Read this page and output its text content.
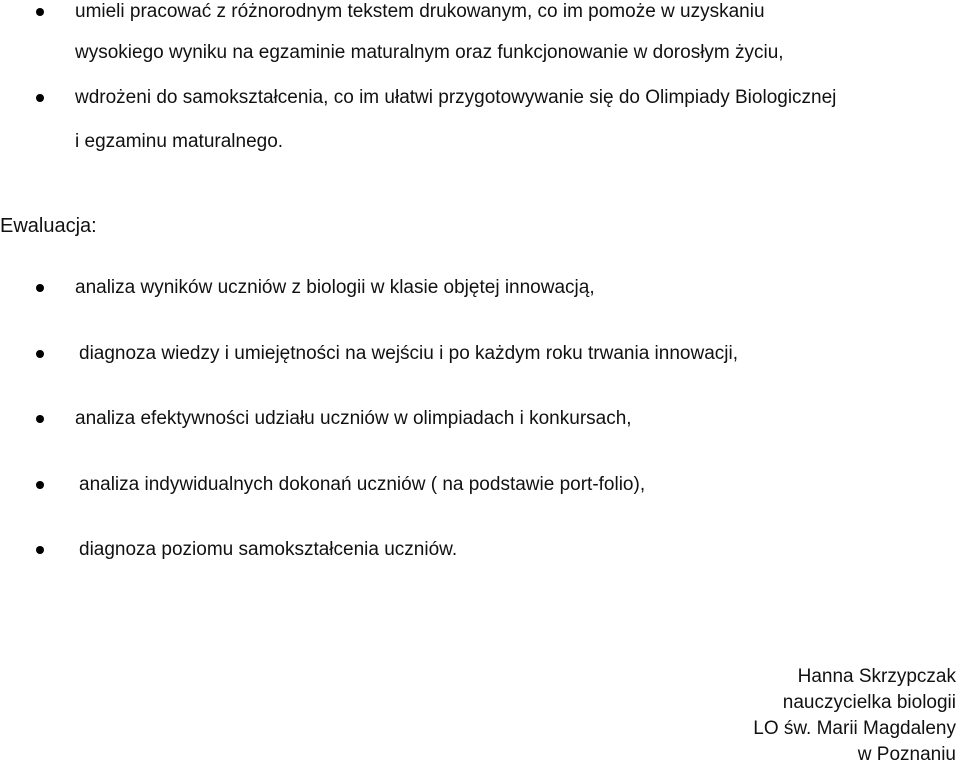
umieli pracować z różnorodnym tekstem drukowanym, co im pomoże w uzyskaniu
wysokiego wyniku na egzaminie maturalnym oraz funkcjonowanie w dorosłym życiu,
wdrożeni do samokształcenia, co im ułatwi przygotowywanie się do Olimpiady Biologicznej
i egzaminu maturalnego.
Ewaluacja:
analiza wyników uczniów z biologii w klasie objętej innowacją,
diagnoza wiedzy i umiejętności na wejściu i po każdym roku trwania innowacji,
analiza efektywności udziału uczniów w olimpiadach i konkursach,
analiza indywidualnych dokonań uczniów ( na podstawie port-folio),
diagnoza poziomu samokształcenia uczniów.
Hanna Skrzypczak
nauczycielka biologii
LO św. Marii Magdaleny
w Poznaniu
